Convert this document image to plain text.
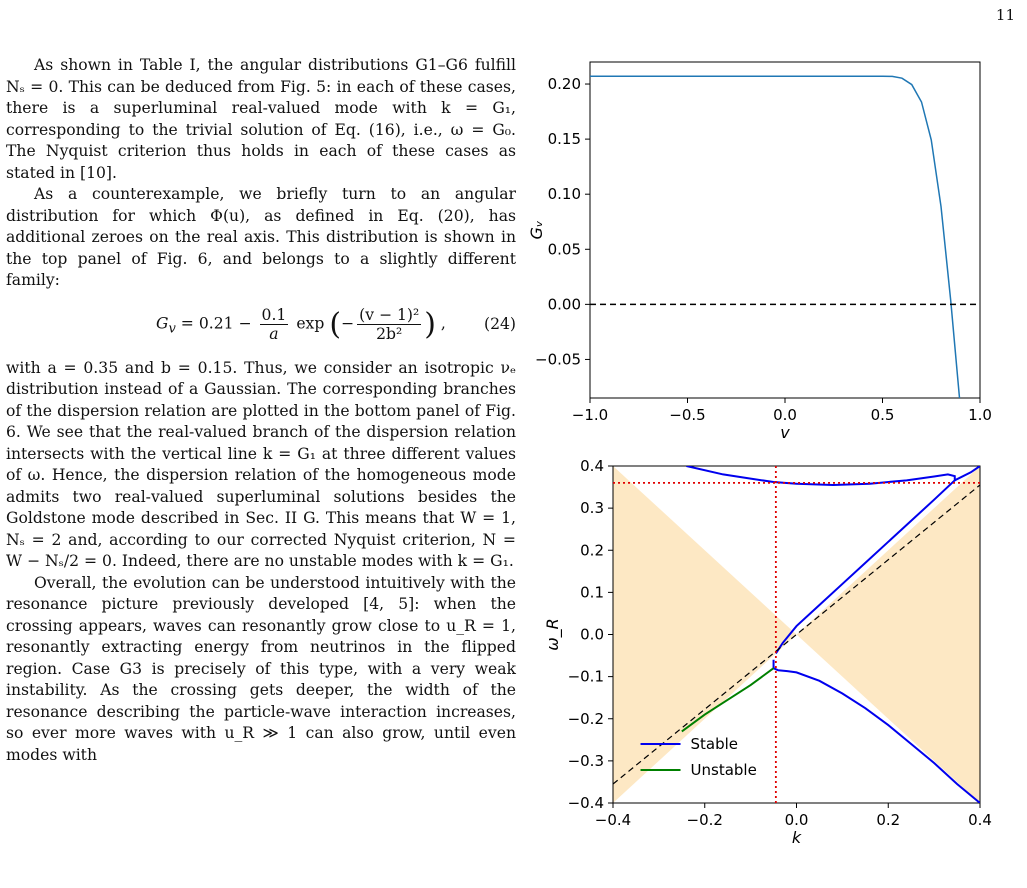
11

As shown in Table I, the angular distributions G1–G6 fulfill Nₛ = 0. This can be deduced from Fig. 5: in each of these cases, there is a superluminal real-valued mode with k = G₁, corresponding to the trivial solution of Eq. (16), i.e., ω = G₀. The Nyquist criterion thus holds in each of these cases as stated in [10].

As a counterexample, we briefly turn to an angular distribution for which Φ(u), as defined in Eq. (20), has additional zeroes on the real axis. This distribution is shown in the top panel of Fig. 6, and belongs to a slightly different family:

$G_v = 0.21 - \frac{0.1}{a}$ exp (− $\frac{\text{(v − 1)²}}{\text{2b²}}$ ) , (24)

with a = 0.35 and b = 0.15. Thus, we consider an isotropic νₑ distribution instead of a Gaussian. The corresponding branches of the dispersion relation are plotted in the bottom panel of Fig. 6. We see that the real-valued branch of the dispersion relation intersects with the vertical line k = G₁ at three different values of ω. Hence, the dispersion relation of the homogeneous mode admits two real-valued superluminal solutions besides the Goldstone mode described in Sec. II G. This means that W = 1, Nₛ = 2 and, according to our corrected Nyquist criterion, N = W − Nₛ/2 = 0. Indeed, there are no unstable modes with k = G₁.

Overall, the evolution can be understood intuitively with the resonance picture previously developed [4, 5]: when the crossing appears, waves can resonantly grow close to u_R = 1, resonantly extracting energy from neutrinos in the flipped region. Case G3 is precisely of this type, with a very weak instability. As the crossing gets deeper, the width of the resonance describing the particle-wave interaction increases, so ever more waves with u_R ≫ 1 can also grow, until even modes with

−1.0	−0.5	0.0	0.5	1.0
−0.05
0.00
0.05
0.10
0.15
0.20
v
Gᵥ
−0.4	−0.2	0.0	0.2	0.4
−0.4
−0.3
−0.2
−0.1
0.0
0.1
0.2
0.3
0.4
k
ω_R
Stable
Unstable
